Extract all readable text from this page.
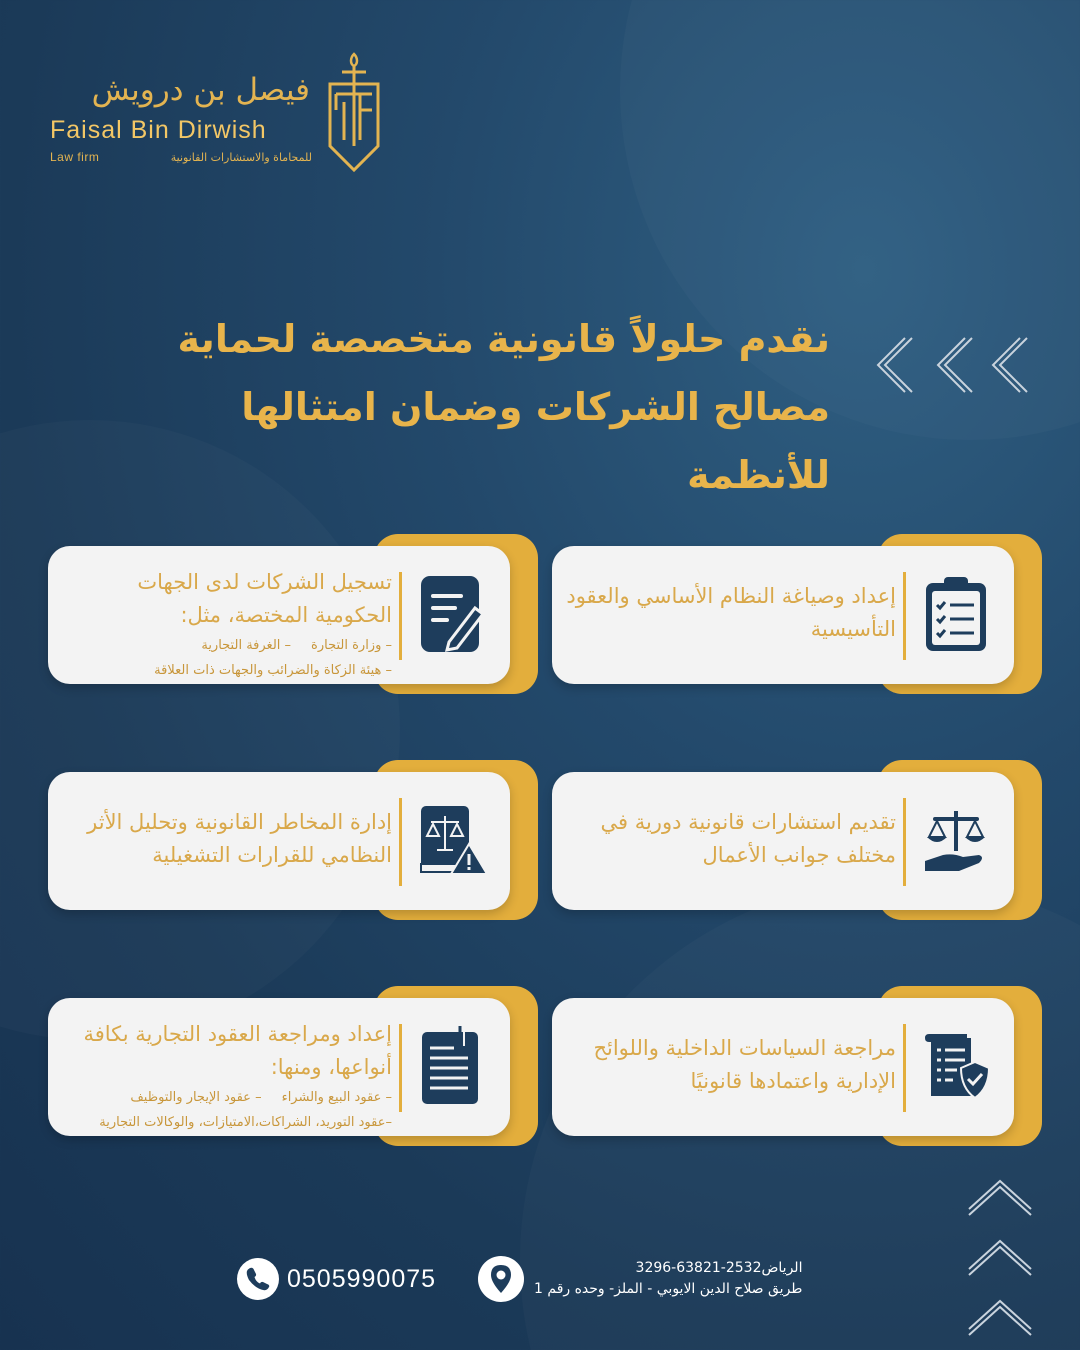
فيصل بن درويش
Faisal Bin Dirwish
Law firm	للمحاماة والاستشارات القانونية
نقدم حلولاً قانونية متخصصة لحماية
مصالح الشركات وضمان امتثالها للأنظمة
إعداد وصياغة النظام الأساسي والعقود التأسيسية
تسجيل الشركات لدى الجهات الحكومية المختصة، مثل:
– وزارة التجارة
– الغرفة التجارية
– هيئة الزكاة والضرائب والجهات ذات العلاقة
تقديم استشارات قانونية دورية في مختلف جوانب الأعمال
إدارة المخاطر القانونية وتحليل الأثر النظامي للقرارات التشغيلية
مراجعة السياسات الداخلية واللوائح الإدارية واعتمادها قانونيًا
إعداد ومراجعة العقود التجارية بكافة أنواعها، ومنها:
– عقود البيع والشراء
– عقود الإيجار والتوظيف
–عقود التوريد، الشراكات،الامتيازات، والوكالات التجارية
0505990075	الرياض2532-63821-3296
طريق صلاح الدين الايوبي - الملز- وحده رقم 1
